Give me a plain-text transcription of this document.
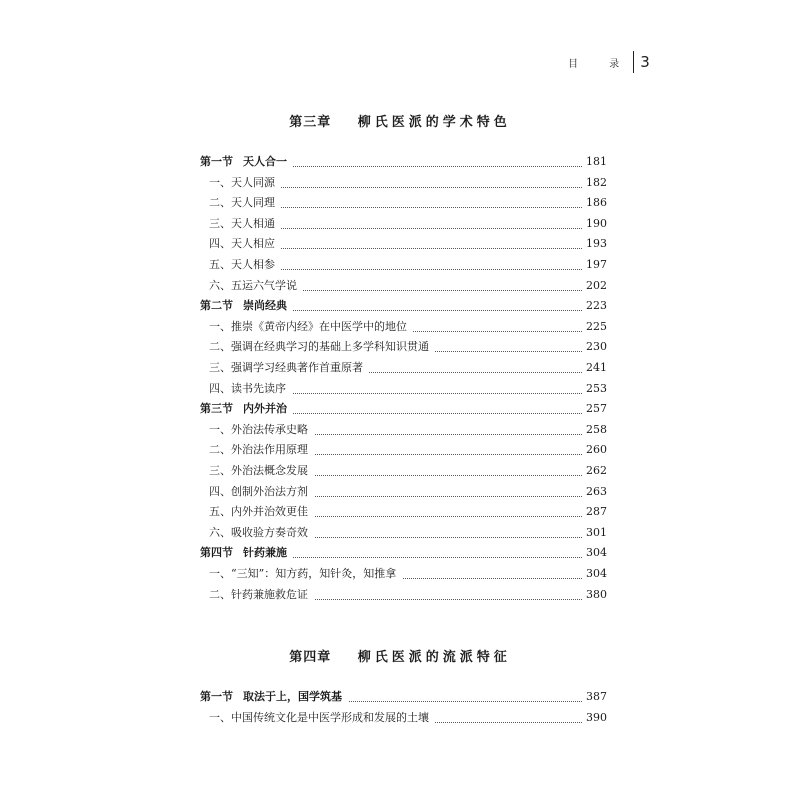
目 录 3
第三章 柳氏医派的学术特色
第一节 天人合一	181
一、天人同源	182
二、天人同理	186
三、天人相通	190
四、天人相应	193
五、天人相参	197
六、五运六气学说	202
第二节 崇尚经典	223
一、推崇《黄帝内经》在中医学中的地位	225
二、强调在经典学习的基础上多学科知识贯通	230
三、强调学习经典著作首重原著	241
四、读书先读序	253
第三节 内外并治	257
一、外治法传承史略	258
二、外治法作用原理	260
三、外治法概念发展	262
四、创制外治法方剂	263
五、内外并治效更佳	287
六、吸收验方奏奇效	301
第四节 针药兼施	304
一、“三知”：知方药，知针灸，知推拿	304
二、针药兼施救危证	380
第四章 柳氏医派的流派特征
第一节 取法于上，国学筑基	387
一、中国传统文化是中医学形成和发展的土壤	390
